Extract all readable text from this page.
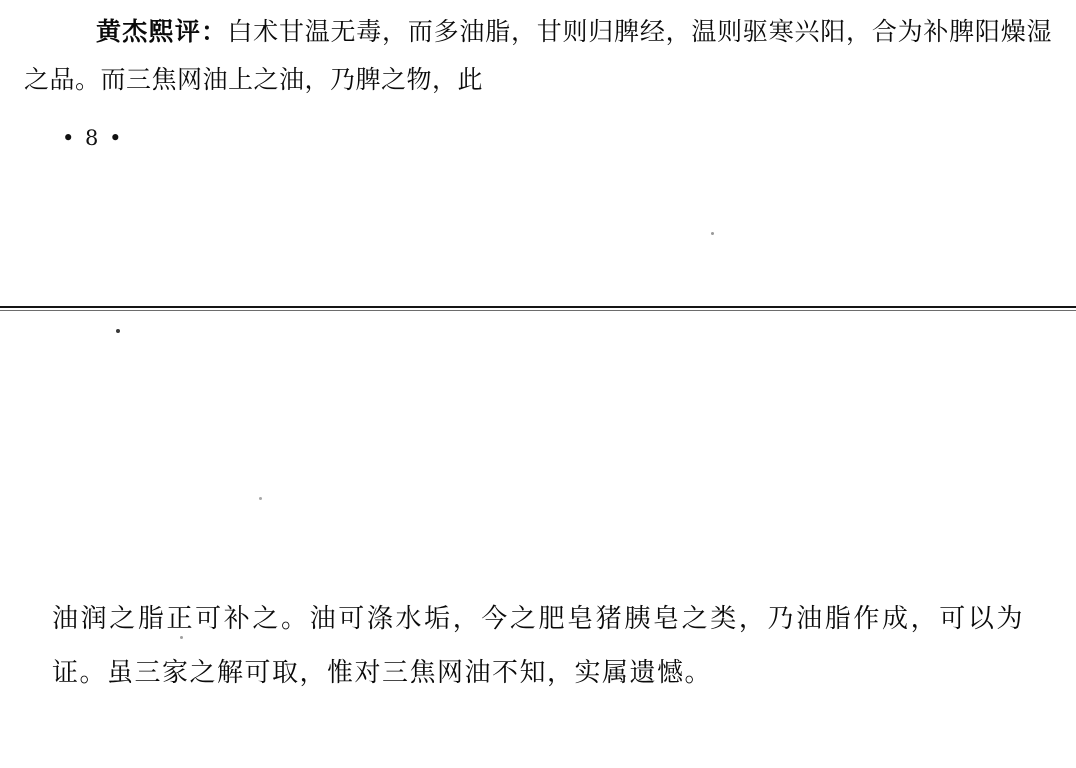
黄杰熙评：白术甘温无毒，而多油脂，甘则归脾经，温则驱寒兴阳，合为补脾阳燥湿之品。而三焦网油上之油，乃脾之物，此

• 8 •

油润之脂正可补之。油可涤水垢，今之肥皂猪胰皂之类，乃油脂作成，可以为证。虽三家之解可取，惟对三焦网油不知，实属遗憾。
